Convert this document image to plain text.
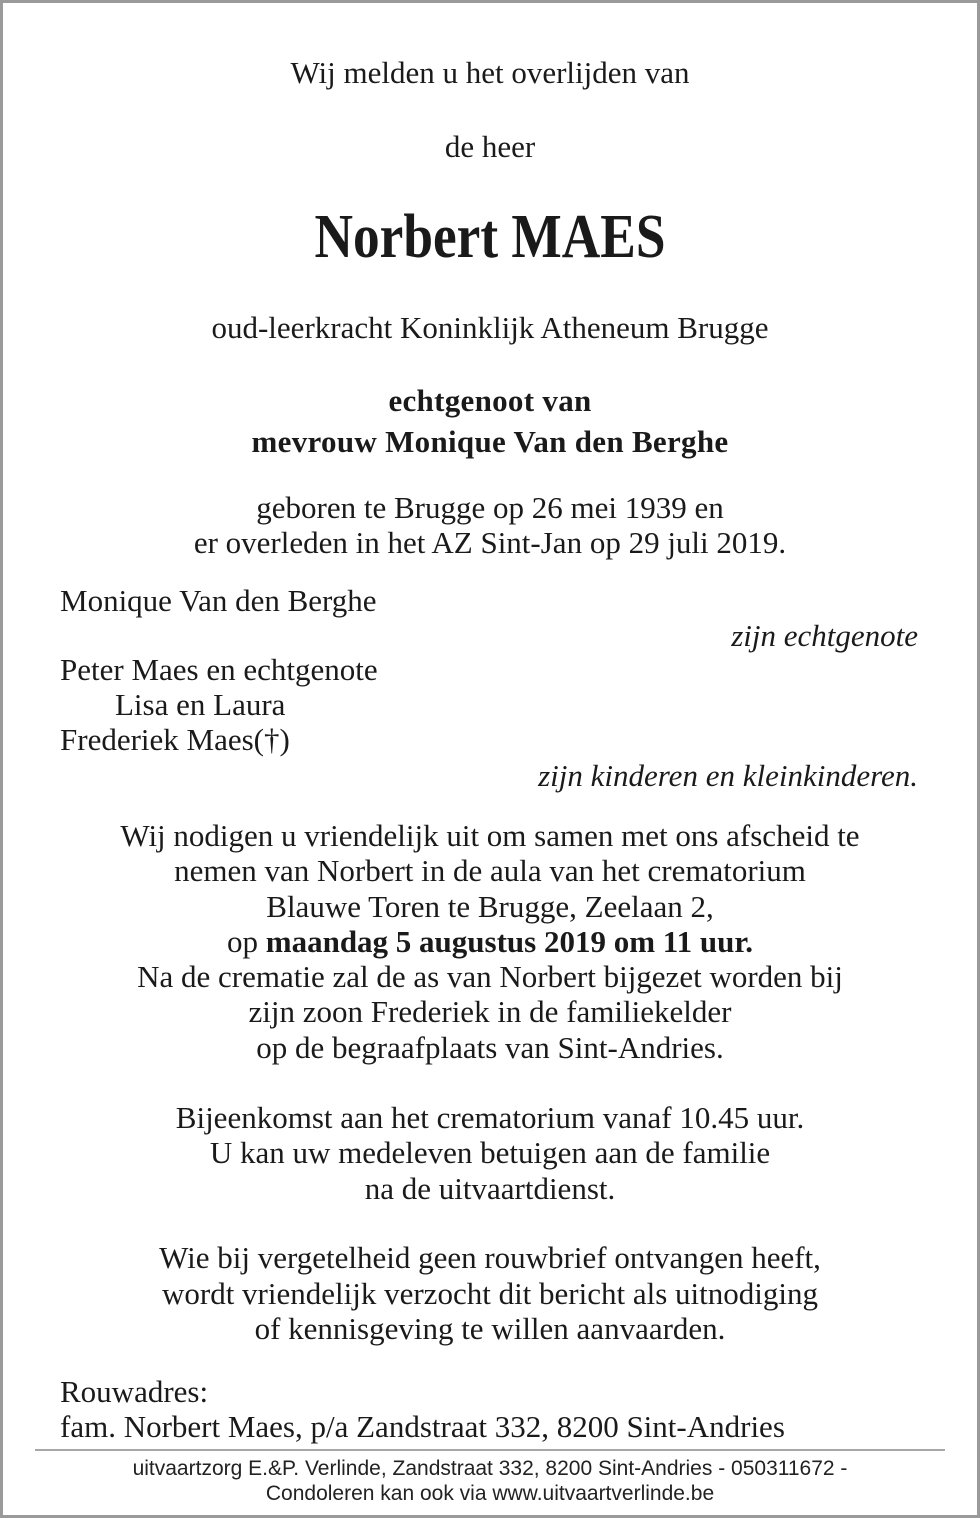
Wij melden u het overlijden van
de heer
Norbert MAES
oud-leerkracht Koninklijk Atheneum Brugge
echtgenoot van
mevrouw Monique Van den Berghe
geboren te Brugge op 26 mei 1939 en
er overleden in het AZ Sint-Jan op 29 juli 2019.
Monique Van den Berghe
zijn echtgenote
Peter Maes en echtgenote
Lisa en Laura
Frederiek Maes(†)
zijn kinderen en kleinkinderen.
Wij nodigen u vriendelijk uit om samen met ons afscheid te
nemen van Norbert in de aula van het crematorium
Blauwe Toren te Brugge, Zeelaan 2,
op maandag 5 augustus 2019 om 11 uur.
Na de crematie zal de as van Norbert bijgezet worden bij
zijn zoon Frederiek in de familiekelder
op de begraafplaats van Sint-Andries.
Bijeenkomst aan het crematorium vanaf 10.45 uur.
U kan uw medeleven betuigen aan de familie
na de uitvaartdienst.
Wie bij vergetelheid geen rouwbrief ontvangen heeft,
wordt vriendelijk verzocht dit bericht als uitnodiging
of kennisgeving te willen aanvaarden.
Rouwadres:
fam. Norbert Maes, p/a Zandstraat 332, 8200 Sint-Andries
uitvaartzorg E.&P. Verlinde, Zandstraat 332, 8200 Sint-Andries - 050311672 -
Condoleren kan ook via www.uitvaartverlinde.be
